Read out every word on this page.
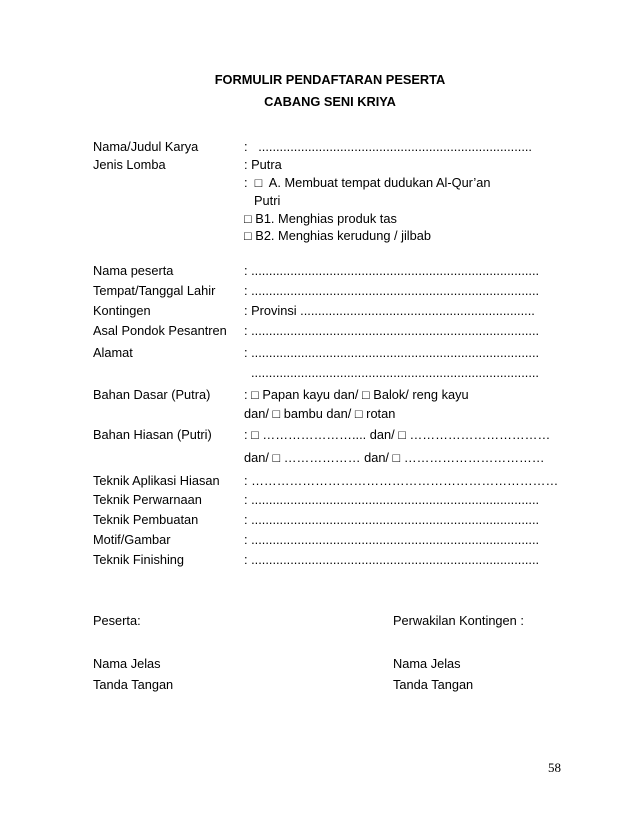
FORMULIR PENDAFTARAN PESERTA
CABANG SENI KRIYA
Nama/Judul Karya	:   .............................................................................
Jenis Lomba	: Putra
:  □  A. Membuat tempat dudukan Al-Qur’an
Putri
□ B1. Menghias produk tas
□ B2. Menghias kerudung / jilbab
Nama peserta	: .................................................................................
Tempat/Tanggal Lahir : .................................................................................
Kontingen	: Provinsi ..................................................................
Asal Pondok Pesantren : .................................................................................
Alamat	: .................................................................................
.................................................................................
Bahan Dasar (Putra)	: □ Papan kayu dan/ □ Balok/ reng kayu
dan/ □ bambu dan/ □ rotan
Bahan Hiasan (Putri)	: □ ………………….... dan/ □ ……………………………
dan/ □ ……………… dan/ □ ……………………………
Teknik Aplikasi Hiasan : ………………………………………………………………
Teknik Perwarnaan	: .................................................................................
Teknik Pembuatan	: .................................................................................
Motif/Gambar	: .................................................................................
Teknik Finishing	: .................................................................................
Peserta:	Perwakilan Kontingen :
Nama Jelas	Nama Jelas
Tanda Tangan	Tanda Tangan
58
